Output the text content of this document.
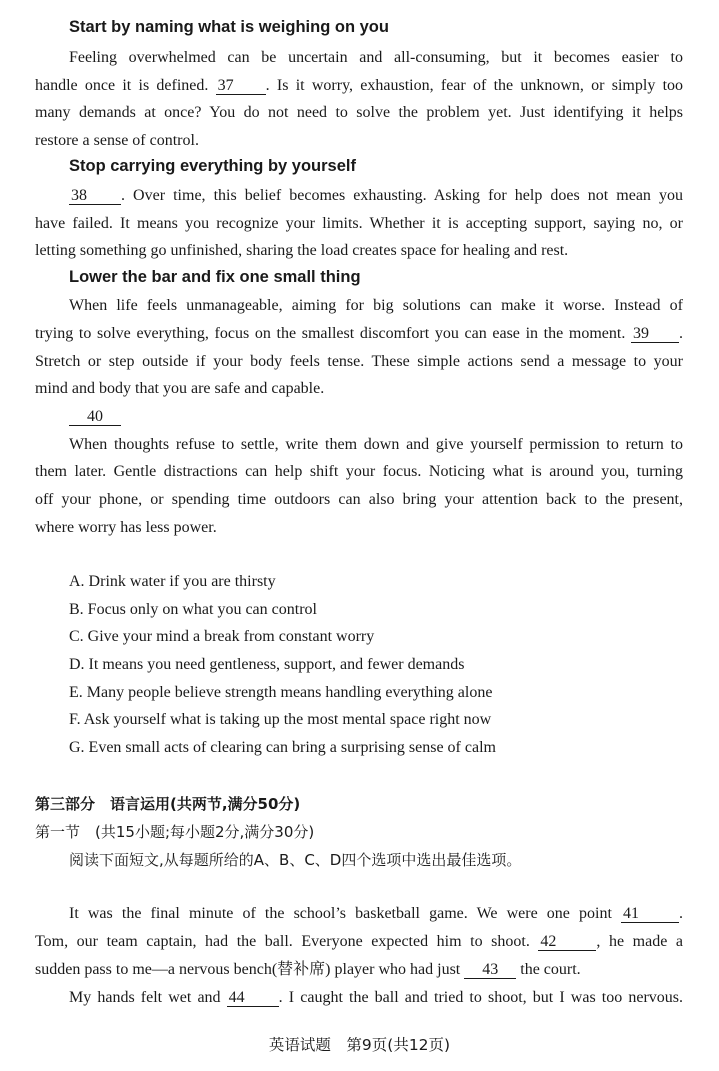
Start by naming what is weighing on you
Feeling overwhelmed can be uncertain and all-consuming, but it becomes easier to
handle once it is defined. 37 . Is it worry, exhaustion, fear of the unknown, or simply too
many demands at once? You do not need to solve the problem yet. Just identifying it helps
restore a sense of control.
Stop carrying everything by yourself
38 . Over time, this belief becomes exhausting. Asking for help does not mean you
have failed. It means you recognize your limits. Whether it is accepting support, saying no, or
letting something go unfinished, sharing the load creates space for healing and rest.
Lower the bar and fix one small thing
When life feels unmanageable, aiming for big solutions can make it worse. Instead of
trying to solve everything, focus on the smallest discomfort you can ease in the moment. 39 .
Stretch or step outside if your body feels tense. These simple actions send a message to your
mind and body that you are safe and capable.
40
When thoughts refuse to settle, write them down and give yourself permission to return to
them later. Gentle distractions can help shift your focus. Noticing what is around you, turning
off your phone, or spending time outdoors can also bring your attention back to the present,
where worry has less power.
A. Drink water if you are thirsty
B. Focus only on what you can control
C. Give your mind a break from constant worry
D. It means you need gentleness, support, and fewer demands
E. Many people believe strength means handling everything alone
F. Ask yourself what is taking up the most mental space right now
G. Even small acts of clearing can bring a surprising sense of calm
第三部分　语言运用(共两节,满分50分)
第一节　(共15小题;每小题2分,满分30分)
阅读下面短文,从每题所给的A、B、C、D四个选项中选出最佳选项。
It was the final minute of the school’s basketball game. We were one point 41	.
Tom, our team captain, had the ball. Everyone expected him to shoot. 42	, he made a
sudden pass to me—a nervous bench(替补席) player who had just 43 the court.
My hands felt wet and 44 . I caught the ball and tried to shoot, but I was too nervous.
英语试题　第9页(共12页)
